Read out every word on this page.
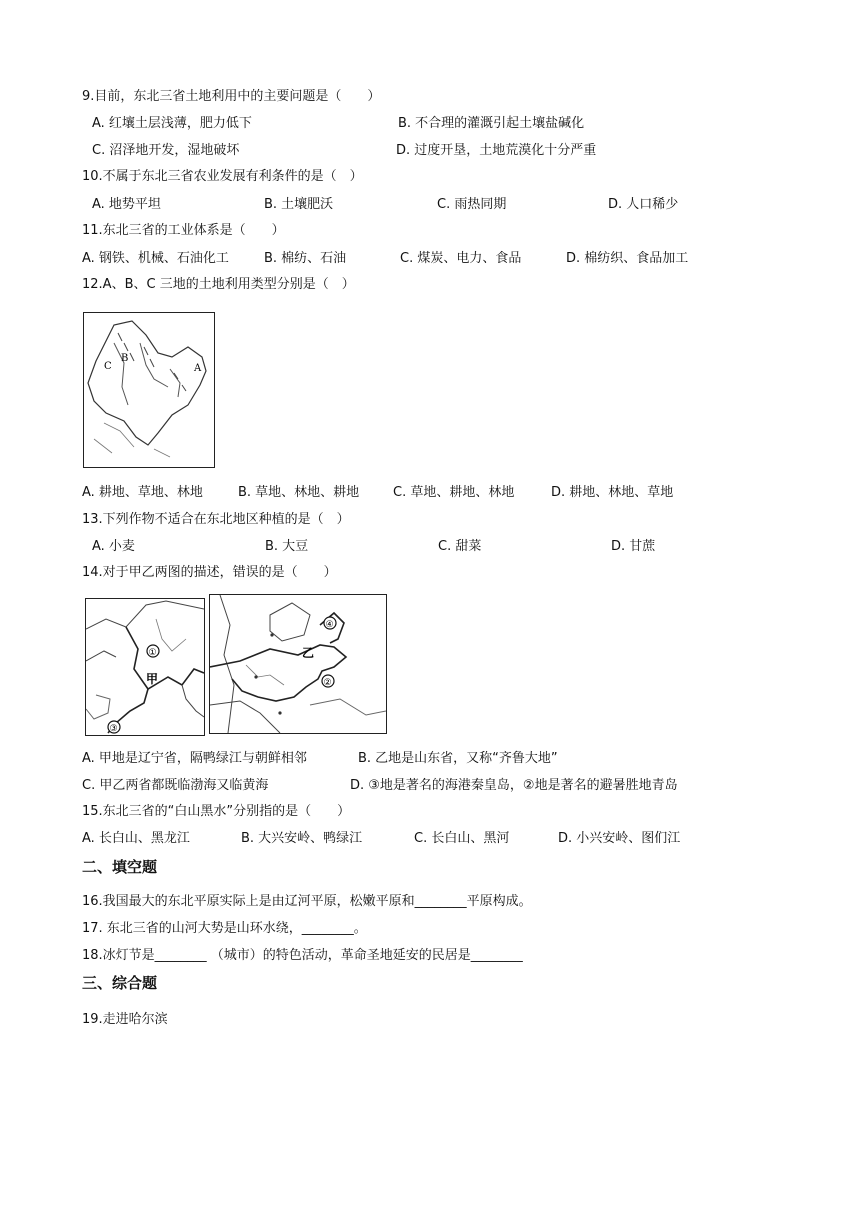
9.目前，东北三省土地利用中的主要问题是（　　）
A. 红壤土层浅薄，肥力低下	B. 不合理的灌溉引起土壤盐碱化
C. 沼泽地开发，湿地破坏	D. 过度开垦，土地荒漠化十分严重
10.不属于东北三省农业发展有利条件的是（　）
A. 地势平坦	B. 土壤肥沃	C. 雨热同期	D. 人口稀少
11.东北三省的工业体系是（　　）
A. 钢铁、机械、石油化工	B. 棉纺、石油	C. 煤炭、电力、食品	D. 棉纺织、食品加工
12.A、B、C 三地的土地利用类型分别是（　）
B
C	A
A. 耕地、草地、林地	B. 草地、林地、耕地	C. 草地、耕地、林地	D. 耕地、林地、草地
13.下列作物不适合在东北地区种植的是（　）
A. 小麦	B. 大豆	C. 甜菜	D. 甘蔗
14.对于甲乙两图的描述，错误的是（　　）
①
甲
③
④
乙
②
A. 甲地是辽宁省，隔鸭绿江与朝鲜相邻	B. 乙地是山东省，又称“齐鲁大地”
C. 甲乙两省都既临渤海又临黄海	D. ③地是著名的海港秦皇岛，②地是著名的避暑胜地青岛
15.东北三省的“白山黑水”分别指的是（　　）
A. 长白山、黑龙江	B. 大兴安岭、鸭绿江	C. 长白山、黑河	D. 小兴安岭、图们江
二、填空题
16.我国最大的东北平原实际上是由辽河平原，松嫩平原和________平原构成。
17. 东北三省的山河大势是山环水绕，________。
18.冰灯节是________ （城市）的特色活动，革命圣地延安的民居是________
三、综合题
19.走进哈尔滨
